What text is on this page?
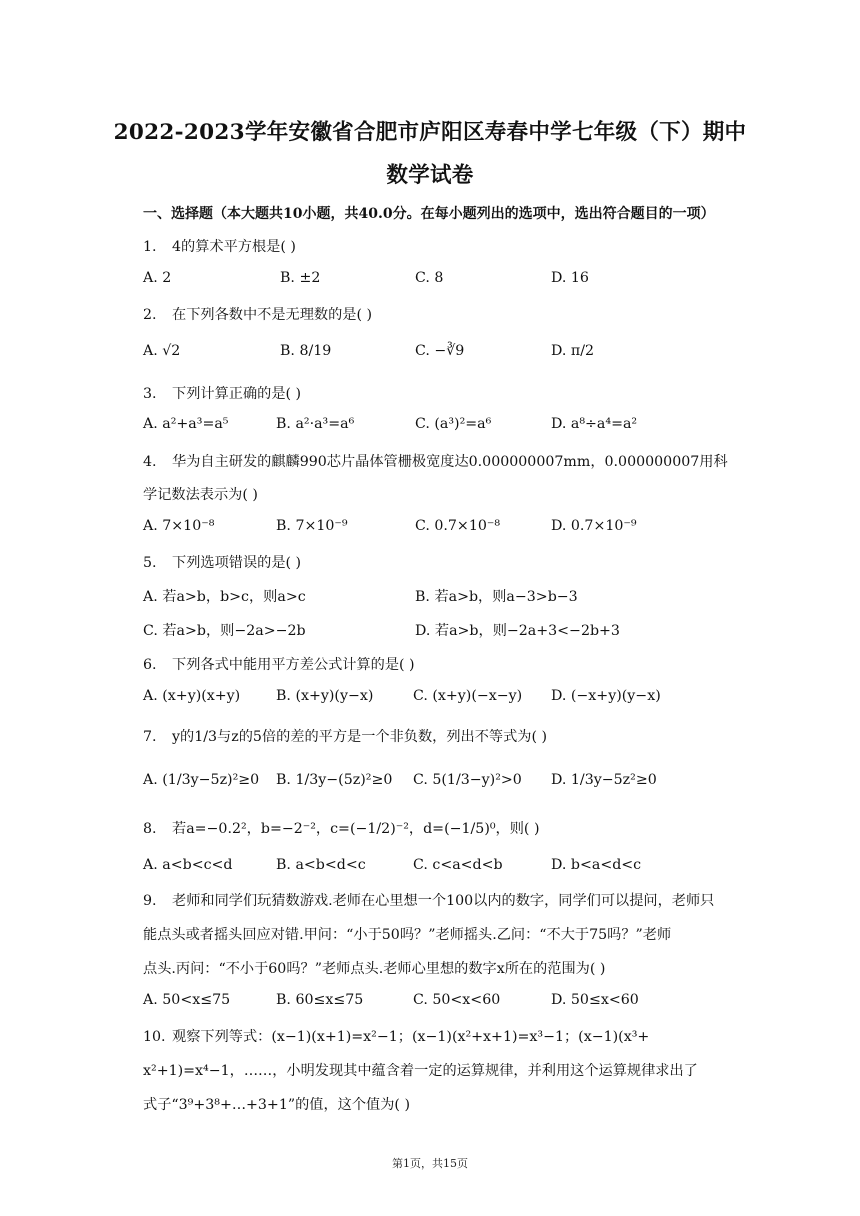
2022-2023学年安徽省合肥市庐阳区寿春中学七年级（下）期中
数学试卷
一、选择题（本大题共10小题，共40.0分。在每小题列出的选项中，选出符合题目的一项）
1. 4的算术平方根是( )
A. 2	B. ±2	C. 8	D. 16
2. 在下列各数中不是无理数的是( )
A. √2	B. 8/19	C. −∛9	D. π/2
3. 下列计算正确的是( )
A. a²+a³=a⁵	B. a²·a³=a⁶	C. (a³)²=a⁶	D. a⁸÷a⁴=a²
4. 华为自主研发的麒麟990芯片晶体管栅极宽度达0.000000007mm，0.000000007用科
学记数法表示为( )
A. 7×10⁻⁸	B. 7×10⁻⁹	C. 0.7×10⁻⁸	D. 0.7×10⁻⁹
5. 下列选项错误的是( )
A. 若a>b，b>c，则a>c	B. 若a>b，则a−3>b−3
C. 若a>b，则−2a>−2b	D. 若a>b，则−2a+3<−2b+3
6. 下列各式中能用平方差公式计算的是( )
A. (x+y)(x+y)	B. (x+y)(y−x)	C. (x+y)(−x−y) D. (−x+y)(y−x)
7. y的1/3与z的5倍的差的平方是一个非负数，列出不等式为( )
A. (1/3y−5z)²≥0 B. 1/3y−(5z)²≥0 C. 5(1/3−y)²>0 D. 1/3y−5z²≥0
8. 若a=−0.2²，b=−2⁻²，c=(−1/2)⁻²，d=(−1/5)⁰，则( )
A. a<b<c<d	B. a<b<d<c	C. c<a<d<b	D. b<a<d<c
9. 老师和同学们玩猜数游戏.老师在心里想一个100以内的数字，同学们可以提问，老师只
能点头或者摇头回应对错.甲问：“小于50吗？”老师摇头.乙问：“不大于75吗？”老师
点头.丙问：“不小于60吗？”老师点头.老师心里想的数字x所在的范围为( )
A. 50<x≤75	B. 60≤x≤75	C. 50<x<60	D. 50≤x<60
10. 观察下列等式：(x−1)(x+1)=x²−1；(x−1)(x²+x+1)=x³−1；(x−1)(x³+
x²+1)=x⁴−1，……，小明发现其中蕴含着一定的运算规律，并利用这个运算规律求出了
式子“3⁹+3⁸+…+3+1”的值，这个值为( )
第1页，共15页
